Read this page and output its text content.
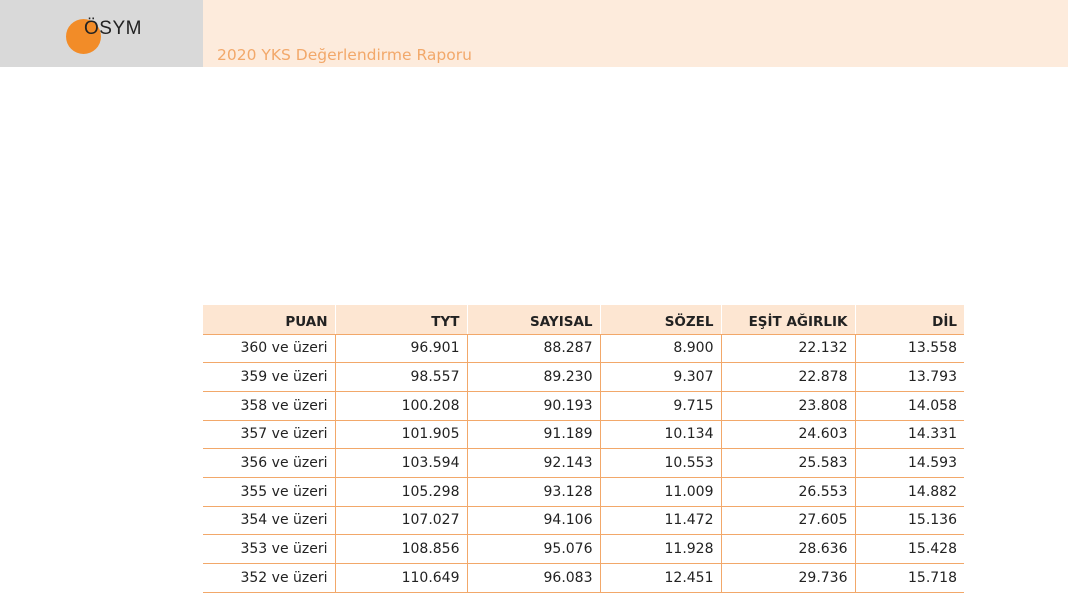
ÖSYM
2020 YKS Değerlendirme Raporu
PUAN	TYT	SAYISAL	SÖZEL	EŞİT AĞIRLIK	DİL
360 ve üzeri	96.901	88.287	8.900	22.132	13.558
359 ve üzeri	98.557	89.230	9.307	22.878	13.793
358 ve üzeri	100.208	90.193	9.715	23.808	14.058
357 ve üzeri	101.905	91.189	10.134	24.603	14.331
356 ve üzeri	103.594	92.143	10.553	25.583	14.593
355 ve üzeri	105.298	93.128	11.009	26.553	14.882
354 ve üzeri	107.027	94.106	11.472	27.605	15.136
353 ve üzeri	108.856	95.076	11.928	28.636	15.428
352 ve üzeri	110.649	96.083	12.451	29.736	15.718
